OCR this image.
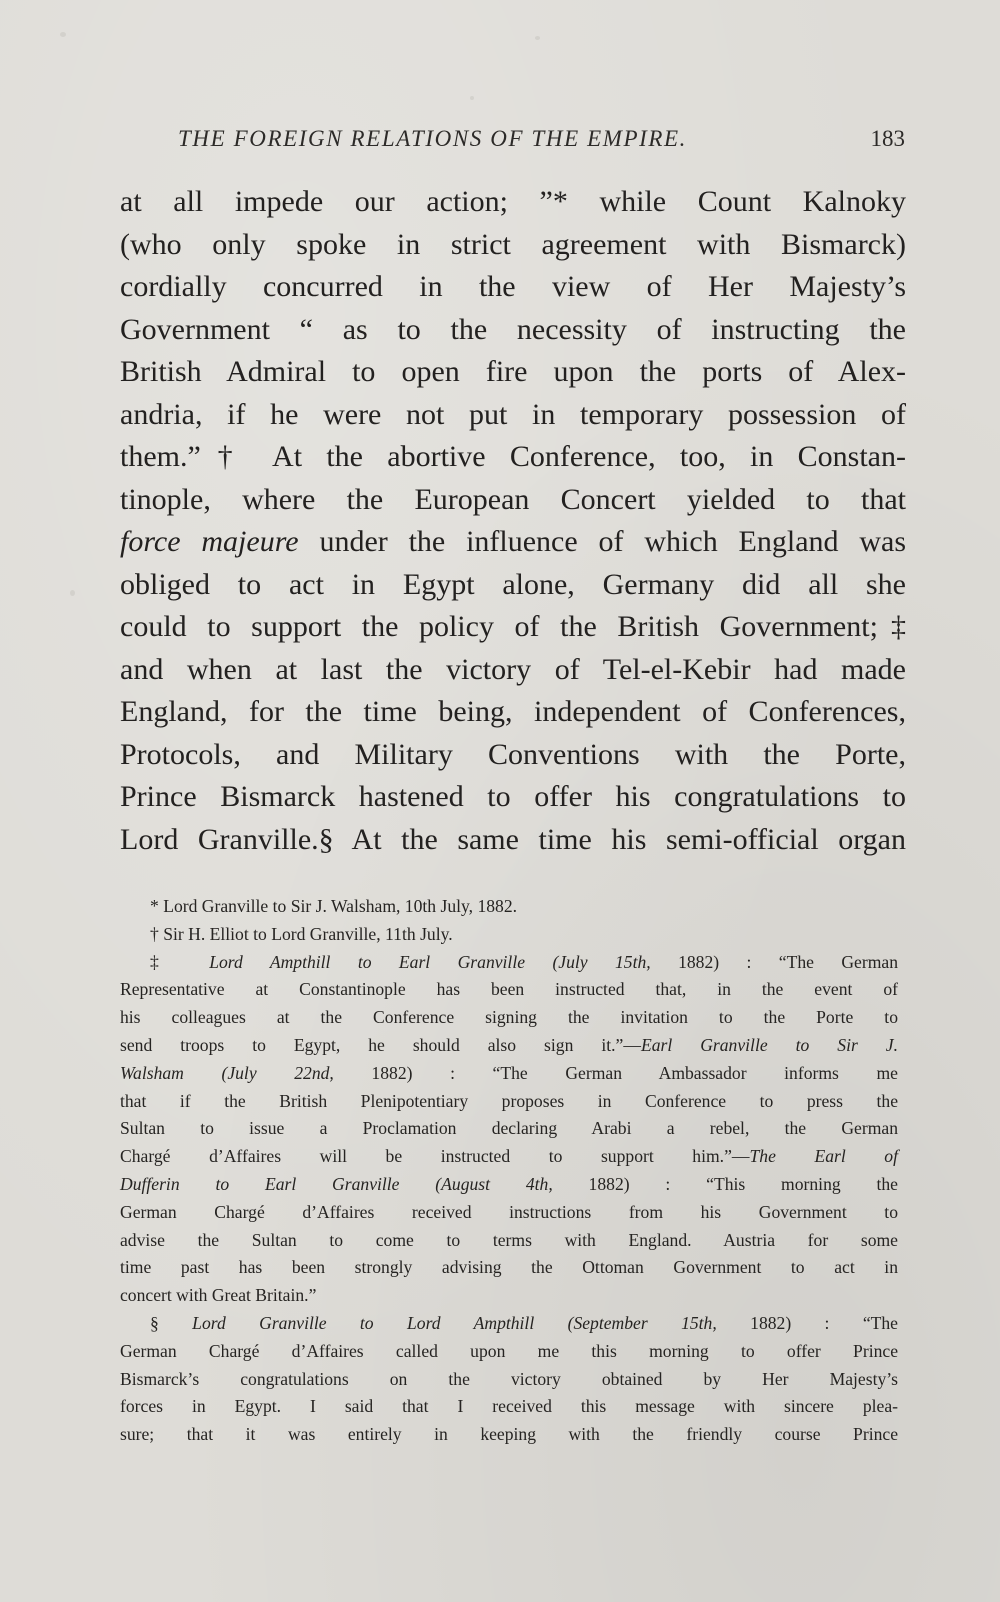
THE FOREIGN RELATIONS OF THE EMPIRE.	183
at all impede our action; ”* while Count Kalnoky
(who only spoke in strict agreement with Bismarck)
cordially concurred in the view of Her Majesty’s
Government “ as to the necessity of instructing the
British Admiral to open fire upon the ports of Alex-
andria, if he were not put in temporary possession of
them.”† At the abortive Conference, too, in Constan-
tinople, where the European Concert yielded to that
force majeure under the influence of which England was
obliged to act in Egypt alone, Germany did all she
could to support the policy of the British Government;‡
and when at last the victory of Tel-el-Kebir had made
England, for the time being, independent of Conferences,
Protocols, and Military Conventions with the Porte,
Prince Bismarck hastened to offer his congratulations to
Lord Granville.§ At the same time his semi-official organ
* Lord Granville to Sir J. Walsham, 10th July, 1882.
† Sir H. Elliot to Lord Granville, 11th July.
‡ Lord Ampthill to Earl Granville (July 15th, 1882) : “The German
Representative at Constantinople has been instructed that, in the event of
his colleagues at the Conference signing the invitation to the Porte to
send troops to Egypt, he should also sign it.”—Earl Granville to Sir J.
Walsham (July 22nd, 1882) : “The German Ambassador informs me
that if the British Plenipotentiary proposes in Conference to press the
Sultan to issue a Proclamation declaring Arabi a rebel, the German
Chargé d’Affaires will be instructed to support him.”—The Earl of
Dufferin to Earl Granville (August 4th, 1882) : “This morning the
German Chargé d’Affaires received instructions from his Government to
advise the Sultan to come to terms with England. Austria for some
time past has been strongly advising the Ottoman Government to act in
concert with Great Britain.”
§ Lord Granville to Lord Ampthill (September 15th, 1882) : “The
German Chargé d’Affaires called upon me this morning to offer Prince
Bismarck’s congratulations on the victory obtained by Her Majesty’s
forces in Egypt. I said that I received this message with sincere plea-
sure; that it was entirely in keeping with the friendly course Prince
